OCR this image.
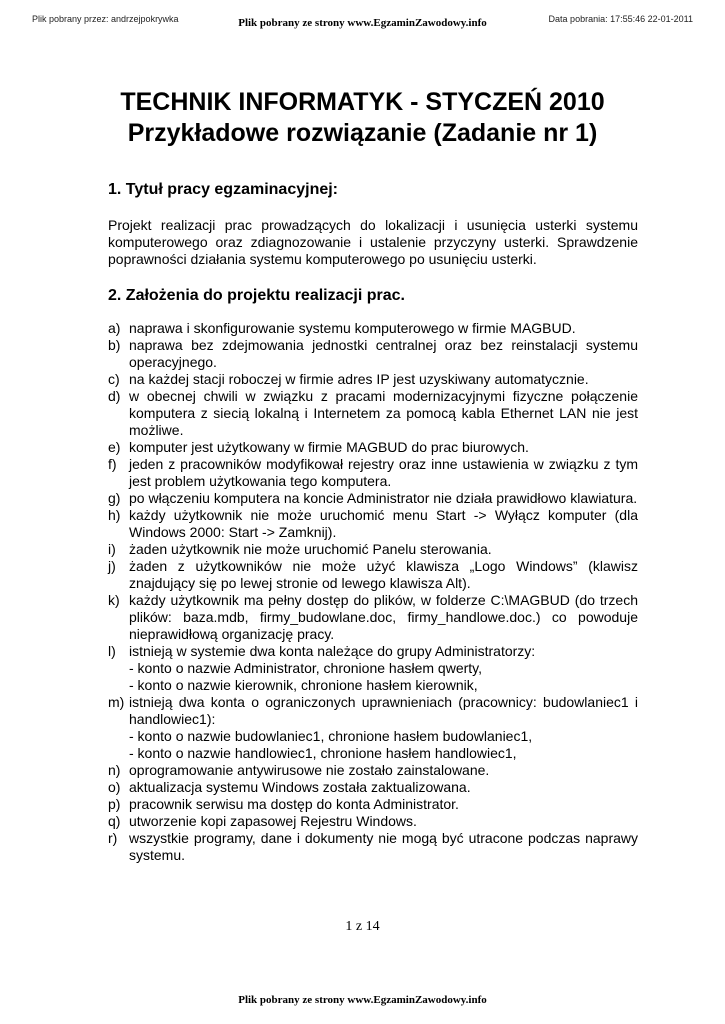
Plik pobrany przez: andrzejpokrywka	Plik pobrany ze strony www.EgzaminZawodowy.info	Data pobrania: 17:55:46 22-01-2011
TECHNIK INFORMATYK - STYCZEŃ 2010
Przykładowe rozwiązanie (Zadanie nr 1)
1. Tytuł pracy egzaminacyjnej:

Projekt realizacji prac prowadzących do lokalizacji i usunięcia usterki systemu komputerowego oraz zdiagnozowanie i ustalenie przyczyny usterki. Sprawdzenie poprawności działania systemu komputerowego po usunięciu usterki.

2. Założenia do projektu realizacji prac.
a) naprawa i skonfigurowanie systemu komputerowego w firmie MAGBUD.
b) naprawa bez zdejmowania jednostki centralnej oraz bez reinstalacji systemu operacyjnego.
c) na każdej stacji roboczej w firmie adres IP jest uzyskiwany automatycznie.
d) w obecnej chwili w związku z pracami modernizacyjnymi fizyczne połączenie komputera z siecią lokalną i Internetem za pomocą kabla Ethernet LAN nie jest możliwe.
e) komputer jest użytkowany w firmie MAGBUD do prac biurowych.
f) jeden z pracowników modyfikował rejestry oraz inne ustawienia w związku z tym jest problem użytkowania tego komputera.
g) po włączeniu komputera na koncie Administrator nie działa prawidłowo klawiatura.
h) każdy użytkownik nie może uruchomić menu Start -> Wyłącz komputer (dla Windows 2000: Start -> Zamknij).
i) żaden użytkownik nie może uruchomić Panelu sterowania.
j) żaden z użytkowników nie może użyć klawisza „Logo Windows” (klawisz znajdujący się po lewej stronie od lewego klawisza Alt).
k) każdy użytkownik ma pełny dostęp do plików, w folderze C:\MAGBUD (do trzech plików: baza.mdb, firmy_budowlane.doc, firmy_handlowe.doc.) co powoduje nieprawidłową organizację pracy.
l) istnieją w systemie dwa konta należące do grupy Administratorzy:
- konto o nazwie Administrator, chronione hasłem qwerty,
- konto o nazwie kierownik, chronione hasłem kierownik,
m) istnieją dwa konta o ograniczonych uprawnieniach (pracownicy: budowlaniec1 i handlowiec1):
- konto o nazwie budowlaniec1, chronione hasłem budowlaniec1,
- konto o nazwie handlowiec1, chronione hasłem handlowiec1,
n) oprogramowanie antywirusowe nie zostało zainstalowane.
o) aktualizacja systemu Windows została zaktualizowana.
p) pracownik serwisu ma dostęp do konta Administrator.
q) utworzenie kopi zapasowej Rejestru Windows.
r) wszystkie programy, dane i dokumenty nie mogą być utracone podczas naprawy systemu.
1 z 14
Plik pobrany ze strony www.EgzaminZawodowy.info
